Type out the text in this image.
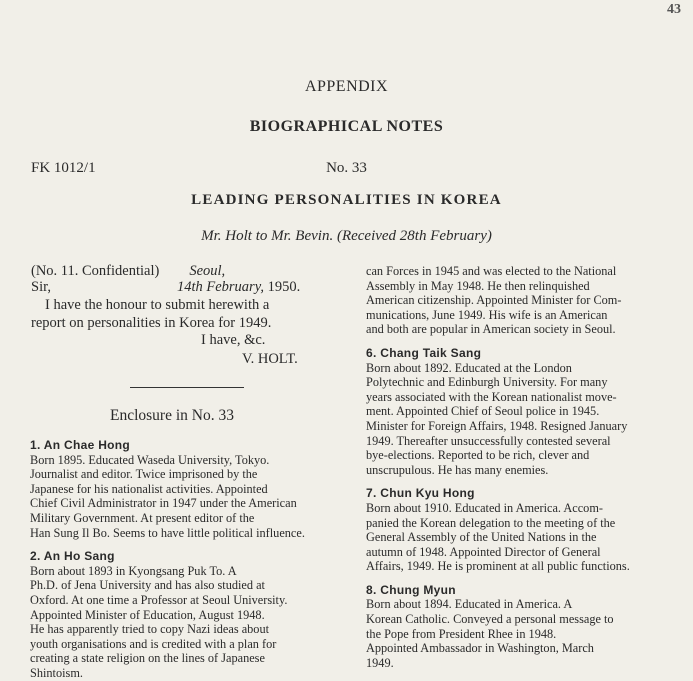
43
APPENDIX
BIOGRAPHICAL NOTES
FK 1012/1	No. 33
LEADING PERSONALITIES IN KOREA
Mr. Holt to Mr. Bevin. (Received 28th February)
(No. 11. Confidential) Seoul,
Sir,	14th February, 1950.
I have the honour to submit herewith a
report on personalities in Korea for 1949.
I have, &c.
V. HOLT.
Enclosure in No. 33
1. An Chae Hong

Born 1895. Educated Waseda University, Tokyo.
Journalist and editor. Twice imprisoned by the
Japanese for his nationalist activities. Appointed
Chief Civil Administrator in 1947 under the American
Military Government. At present editor of the
Han Sung Il Bo. Seems to have little political influence.

2. An Ho Sang

Born about 1893 in Kyongsang Puk To. A
Ph.D. of Jena University and has also studied at
Oxford. At one time a Professor at Seoul University.
Appointed Minister of Education, August 1948.

He has apparently tried to copy Nazi ideas about
youth organisations and is credited with a plan for
creating a state religion on the lines of Japanese
Shintoism.

can Forces in 1945 and was elected to the National
Assembly in May 1948. He then relinquished
American citizenship. Appointed Minister for Com-
munications, June 1949. His wife is an American
and both are popular in American society in Seoul.

6. Chang Taik Sang

Born about 1892. Educated at the London
Polytechnic and Edinburgh University. For many
years associated with the Korean nationalist move-
ment. Appointed Chief of Seoul police in 1945.
Minister for Foreign Affairs, 1948. Resigned January
1949. Thereafter unsuccessfully contested several
bye-elections. Reported to be rich, clever and
unscrupulous. He has many enemies.

7. Chun Kyu Hong

Born about 1910. Educated in America. Accom-
panied the Korean delegation to the meeting of the
General Assembly of the United Nations in the
autumn of 1948. Appointed Director of General
Affairs, 1949. He is prominent at all public functions.

8. Chung Myun

Born about 1894. Educated in America. A
Korean Catholic. Conveyed a personal message to
the Pope from President Rhee in 1948.

Appointed Ambassador in Washington, March
1949.
